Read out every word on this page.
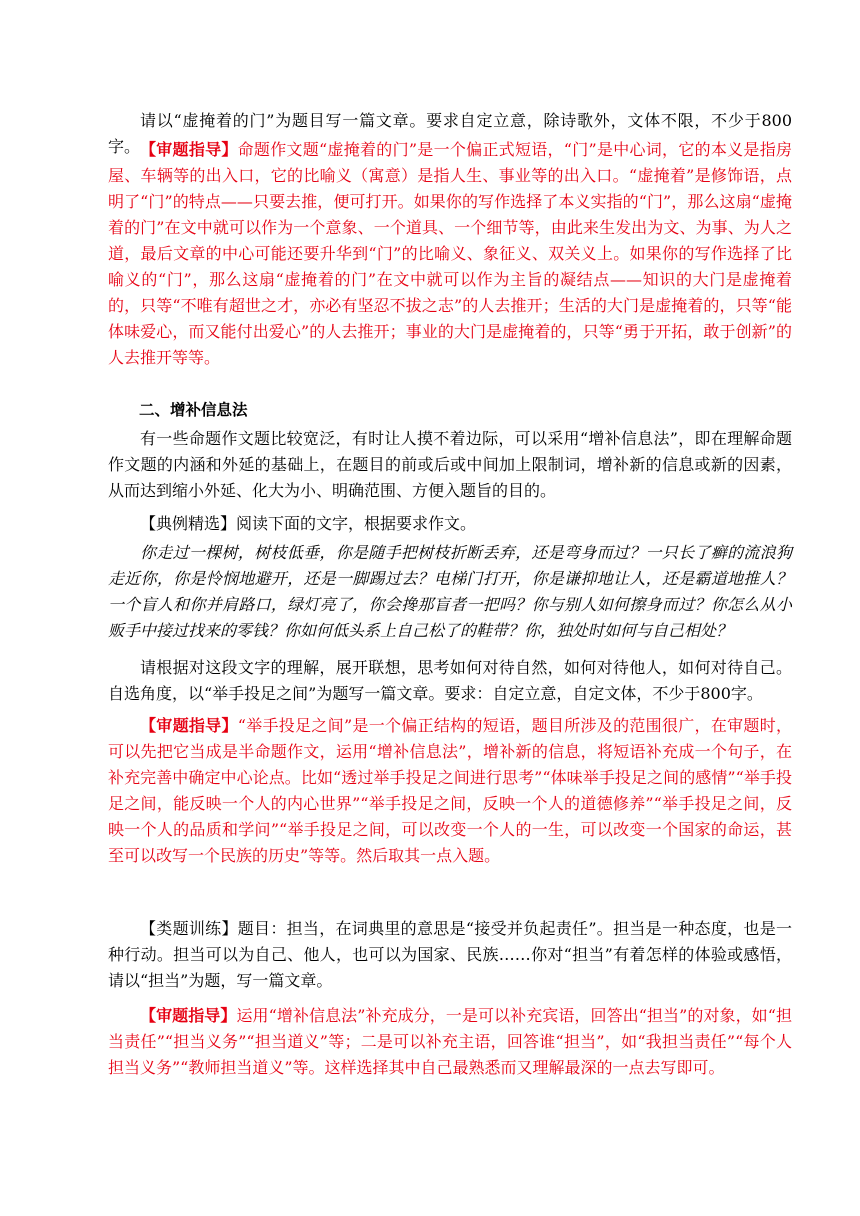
请以“虚掩着的门”为题目写一篇文章。要求自定立意，除诗歌外，文体不限，不少于800字。 【审题指导】命题作文题“虚掩着的门”是一个偏正式短语，“门”是中心词，它的本义是指房屋、车辆等的出入口，它的比喻义（寓意）是指人生、事业等的出入口。“虚掩着”是修饰语，点明了“门”的特点——只要去推，便可打开。如果你的写作选择了本义实指的“门”，那么这扇“虚掩着的门”在文中就可以作为一个意象、一个道具、一个细节等，由此来生发出为文、为事、为人之道，最后文章的中心可能还要升华到“门”的比喻义、象征义、双关义上。如果你的写作选择了比喻义的“门”，那么这扇“虚掩着的门”在文中就可以作为主旨的凝结点——知识的大门是虚掩着的，只等“不唯有超世之才，亦必有坚忍不拔之志”的人去推开；生活的大门是虚掩着的，只等“能体味爱心，而又能付出爱心”的人去推开；事业的大门是虚掩着的，只等“勇于开拓，敢于创新”的人去推开等等。

二、增补信息法

有一些命题作文题比较宽泛，有时让人摸不着边际，可以采用“增补信息法”，即在理解命题作文题的内涵和外延的基础上，在题目的前或后或中间加上限制词，增补新的信息或新的因素，从而达到缩小外延、化大为小、明确范围、方便入题旨的目的。

【典例精选】阅读下面的文字，根据要求作文。

你走过一棵树，树枝低垂，你是随手把树枝折断丢弃，还是弯身而过？一只长了癣的流浪狗走近你，你是怜悯地避开，还是一脚踢过去？电梯门打开，你是谦抑地让人，还是霸道地推人？一个盲人和你并肩路口，绿灯亮了，你会搀那盲者一把吗？你与别人如何擦身而过？你怎么从小贩手中接过找来的零钱？你如何低头系上自己松了的鞋带？你，独处时如何与自己相处？

请根据对这段文字的理解，展开联想，思考如何对待自然，如何对待他人，如何对待自己。自选角度，以“举手投足之间”为题写一篇文章。要求：自定立意，自定文体，不少于800字。

【审题指导】“举手投足之间”是一个偏正结构的短语，题目所涉及的范围很广，在审题时，可以先把它当成是半命题作文，运用“增补信息法”，增补新的信息，将短语补充成一个句子，在补充完善中确定中心论点。比如“透过举手投足之间进行思考”“体味举手投足之间的感情”“举手投足之间，能反映一个人的内心世界”“举手投足之间，反映一个人的道德修养”“举手投足之间，反映一个人的品质和学问”“举手投足之间，可以改变一个人的一生，可以改变一个国家的命运，甚至可以改写一个民族的历史”等等。然后取其一点入题。

【类题训练】题目：担当，在词典里的意思是“接受并负起责任”。担当是一种态度，也是一种行动。担当可以为自己、他人，也可以为国家、民族……你对“担当”有着怎样的体验或感悟，请以“担当”为题，写一篇文章。

【审题指导】运用“增补信息法”补充成分，一是可以补充宾语，回答出“担当”的对象，如“担当责任”“担当义务”“担当道义”等；二是可以补充主语，回答谁“担当”，如“我担当责任”“每个人担当义务”“教师担当道义”等。这样选择其中自己最熟悉而又理解最深的一点去写即可。
